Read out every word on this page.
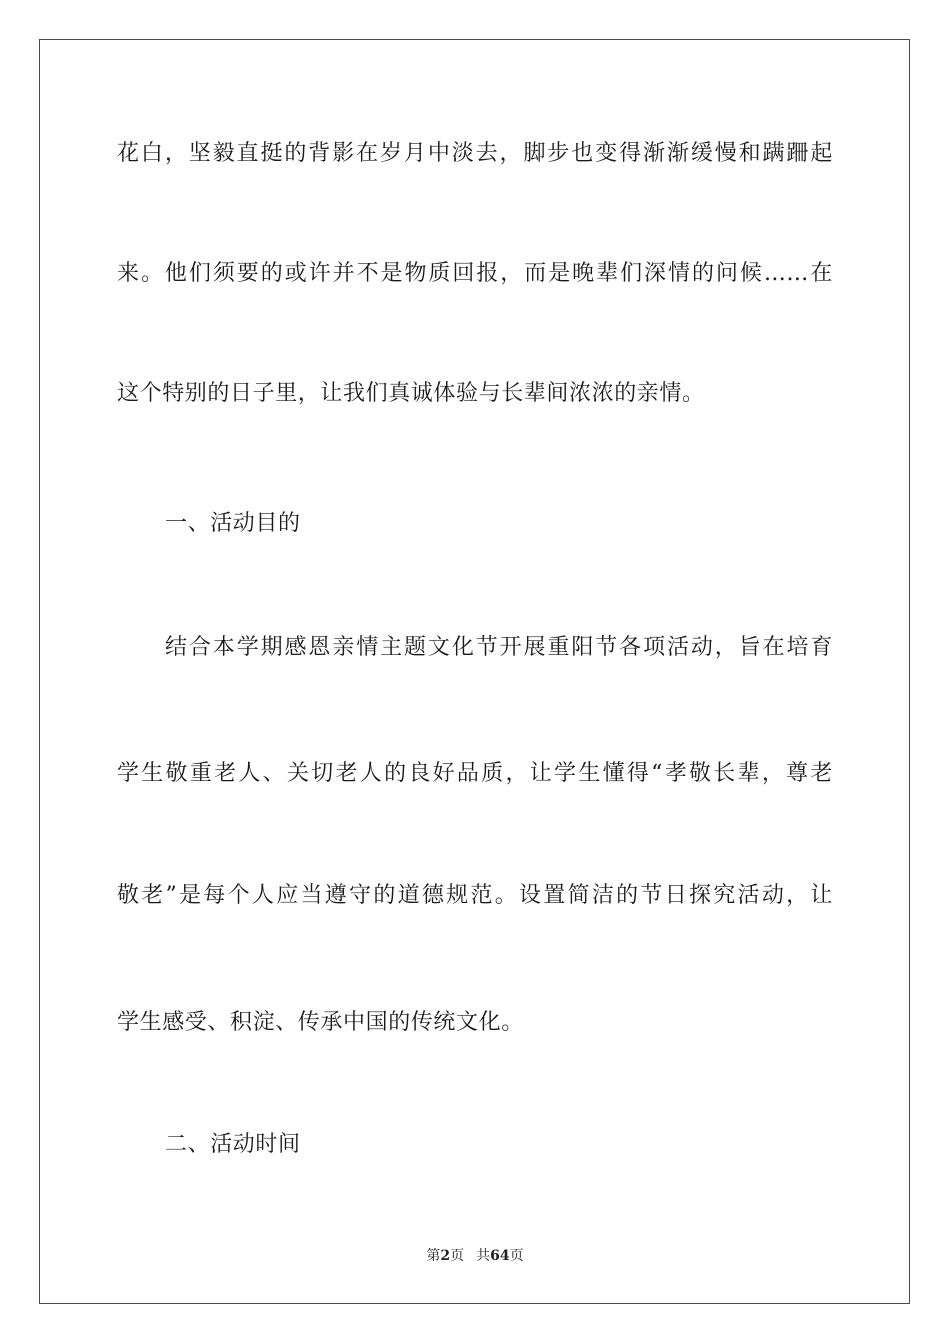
花白，坚毅直挺的背影在岁月中淡去，脚步也变得渐渐缓慢和蹒跚起
来。他们须要的或许并不是物质回报，而是晚辈们深情的问候……在
这个特别的日子里，让我们真诚体验与长辈间浓浓的亲情。
一、活动目的
结合本学期感恩亲情主题文化节开展重阳节各项活动，旨在培育
学生敬重老人、关切老人的良好品质，让学生懂得“孝敬长辈，尊老
敬老”是每个人应当遵守的道德规范。设置简洁的节日探究活动，让
学生感受、积淀、传承中国的传统文化。
二、活动时间
第2页 共64页
